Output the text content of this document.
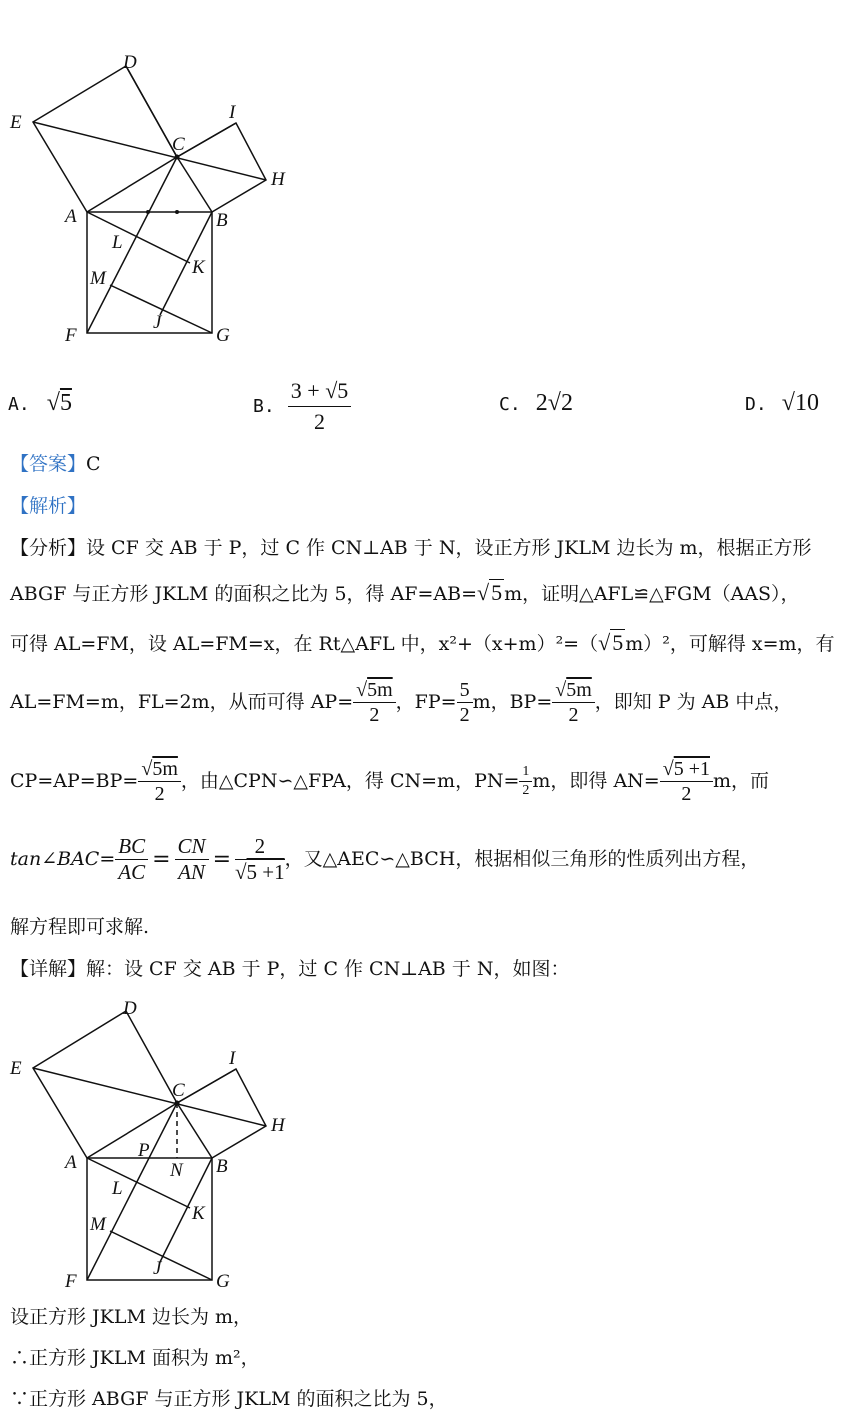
D
E	I
C
H
A	B
L
K
M
J
F	G
A. √5	B. $\frac{3 + √5}{2}$	C. 2√2	D. √10
【答案】C
【解析】
【分析】设 CF 交 AB 于 P，过 C 作 CN⊥AB 于 N，设正方形 JKLM 边长为 m，根据正方形
ABGF 与正方形 JKLM 的面积之比为 5，得 AF=AB=√5 m，证明△AFL≌△FGM（AAS），
可得 AL=FM，设 AL=FM=x，在 Rt△AFL 中，x²+（x+m）²=（√5 m）²，可解得 x=m，有
AL=FM=m，FL=2m，从而可得 $AP= \frac{√5m}{2}$ ，$FP= \frac{5}{2}$ m，$BP= \frac{√5m}{2}$ ，即知 P 为 AB 中点，
$CP=AP=BP= \frac{√5m}{2}$ ，由△CPN∽△FPA，得 CN=m，$PN= \frac{1}{2}$ m，即得 $AN= \frac{√5 +1}{2}$ m，而
tan∠BAC= $\frac{BC}{AC} = \frac{CN}{AN} = \frac{2}{√5 +1}$ ，又△AEC∽△BCH，根据相似三角形的性质列出方程，
解方程即可求解.
【详解】解：设 CF 交 AB 于 P，过 C 作 CN⊥AB 于 N，如图：
D
E	I
C
H
A	B
P
N
L
K
M
J
F	G
设正方形 JKLM 边长为 m，
∴正方形 JKLM 面积为 m²，
∵正方形 ABGF 与正方形 JKLM 的面积之比为 5，
